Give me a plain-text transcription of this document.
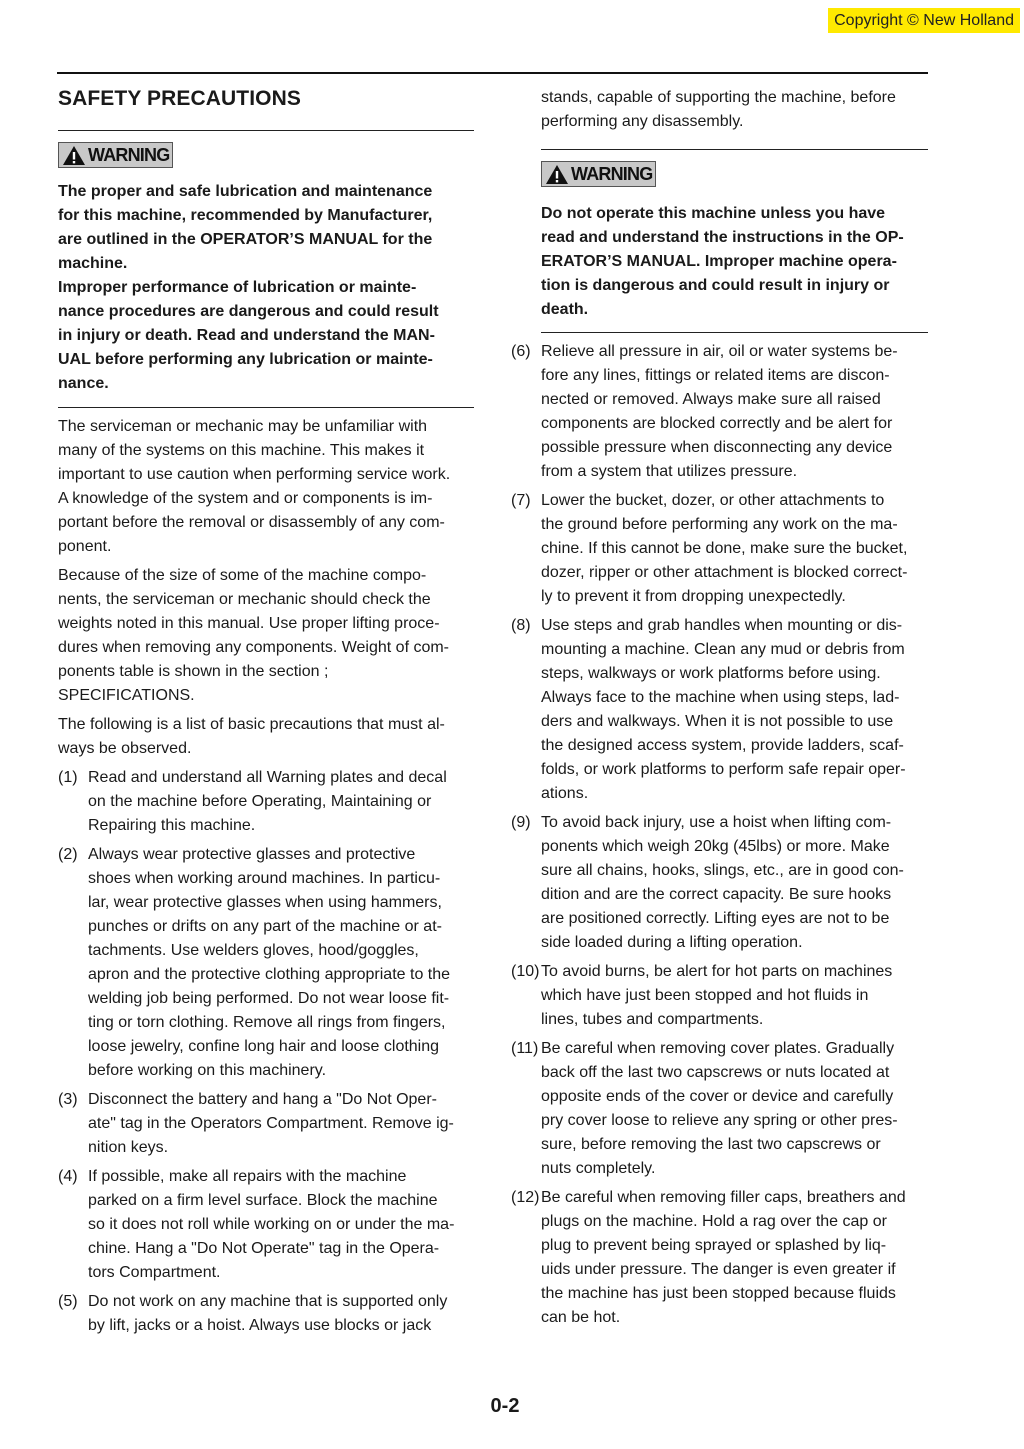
Copyright © New Holland
SAFETY PRECAUTIONS
WARNING
The proper and safe lubrication and maintenance
for this machine, recommended by Manufacturer,
are outlined in the OPERATOR’S MANUAL for the
machine.
Improper performance of lubrication or mainte-
nance procedures are dangerous and could result
in injury or death. Read and understand the MAN-
UAL before performing any lubrication or mainte-
nance.
The serviceman or mechanic may be unfamiliar with
many of the systems on this machine. This makes it
important to use caution when performing service work.
A knowledge of the system and or components is im-
portant before the removal or disassembly of any com-
ponent.
Because of the size of some of the machine compo-
nents, the serviceman or mechanic should check the
weights noted in this manual. Use proper lifting proce-
dures when removing any components. Weight of com-
ponents table is shown in the section ;
SPECIFICATIONS.
The following is a list of basic precautions that must al-
ways be observed.
(1) Read and understand all Warning plates and decal
on the machine before Operating, Maintaining or
Repairing this machine.
(2) Always wear protective glasses and protective
shoes when working around machines. In particu-
lar, wear protective glasses when using hammers,
punches or drifts on any part of the machine or at-
tachments. Use welders gloves, hood/goggles,
apron and the protective clothing appropriate to the
welding job being performed. Do not wear loose fit-
ting or torn clothing. Remove all rings from fingers,
loose jewelry, confine long hair and loose clothing
before working on this machinery.
(3) Disconnect the battery and hang a "Do Not Oper-
ate" tag in the Operators Compartment. Remove ig-
nition keys.
(4) If possible, make all repairs with the machine
parked on a firm level surface. Block the machine
so it does not roll while working on or under the ma-
chine. Hang a "Do Not Operate" tag in the Opera-
tors Compartment.
(5) Do not work on any machine that is supported only
by lift, jacks or a hoist. Always use blocks or jack
stands, capable of supporting the machine, before
performing any disassembly.
WARNING
Do not operate this machine unless you have
read and understand the instructions in the OP-
ERATOR’S MANUAL. Improper machine opera-
tion is dangerous and could result in injury or
death.
(6) Relieve all pressure in air, oil or water systems be-
fore any lines, fittings or related items are discon-
nected or removed. Always make sure all raised
components are blocked correctly and be alert for
possible pressure when disconnecting any device
from a system that utilizes pressure.
(7) Lower the bucket, dozer, or other attachments to
the ground before performing any work on the ma-
chine. If this cannot be done, make sure the bucket,
dozer, ripper or other attachment is blocked correct-
ly to prevent it from dropping unexpectedly.
(8) Use steps and grab handles when mounting or dis-
mounting a machine. Clean any mud or debris from
steps, walkways or work platforms before using.
Always face to the machine when using steps, lad-
ders and walkways. When it is not possible to use
the designed access system, provide ladders, scaf-
folds, or work platforms to perform safe repair oper-
ations.
(9) To avoid back injury, use a hoist when lifting com-
ponents which weigh 20kg (45lbs) or more. Make
sure all chains, hooks, slings, etc., are in good con-
dition and are the correct capacity. Be sure hooks
are positioned correctly. Lifting eyes are not to be
side loaded during a lifting operation.
(10) To avoid burns, be alert for hot parts on machines
which have just been stopped and hot fluids in
lines, tubes and compartments.
(11) Be careful when removing cover plates. Gradually
back off the last two capscrews or nuts located at
opposite ends of the cover or device and carefully
pry cover loose to relieve any spring or other pres-
sure, before removing the last two capscrews or
nuts completely.
(12) Be careful when removing filler caps, breathers and
plugs on the machine. Hold a rag over the cap or
plug to prevent being sprayed or splashed by liq-
uids under pressure. The danger is even greater if
the machine has just been stopped because fluids
can be hot.
0-2
